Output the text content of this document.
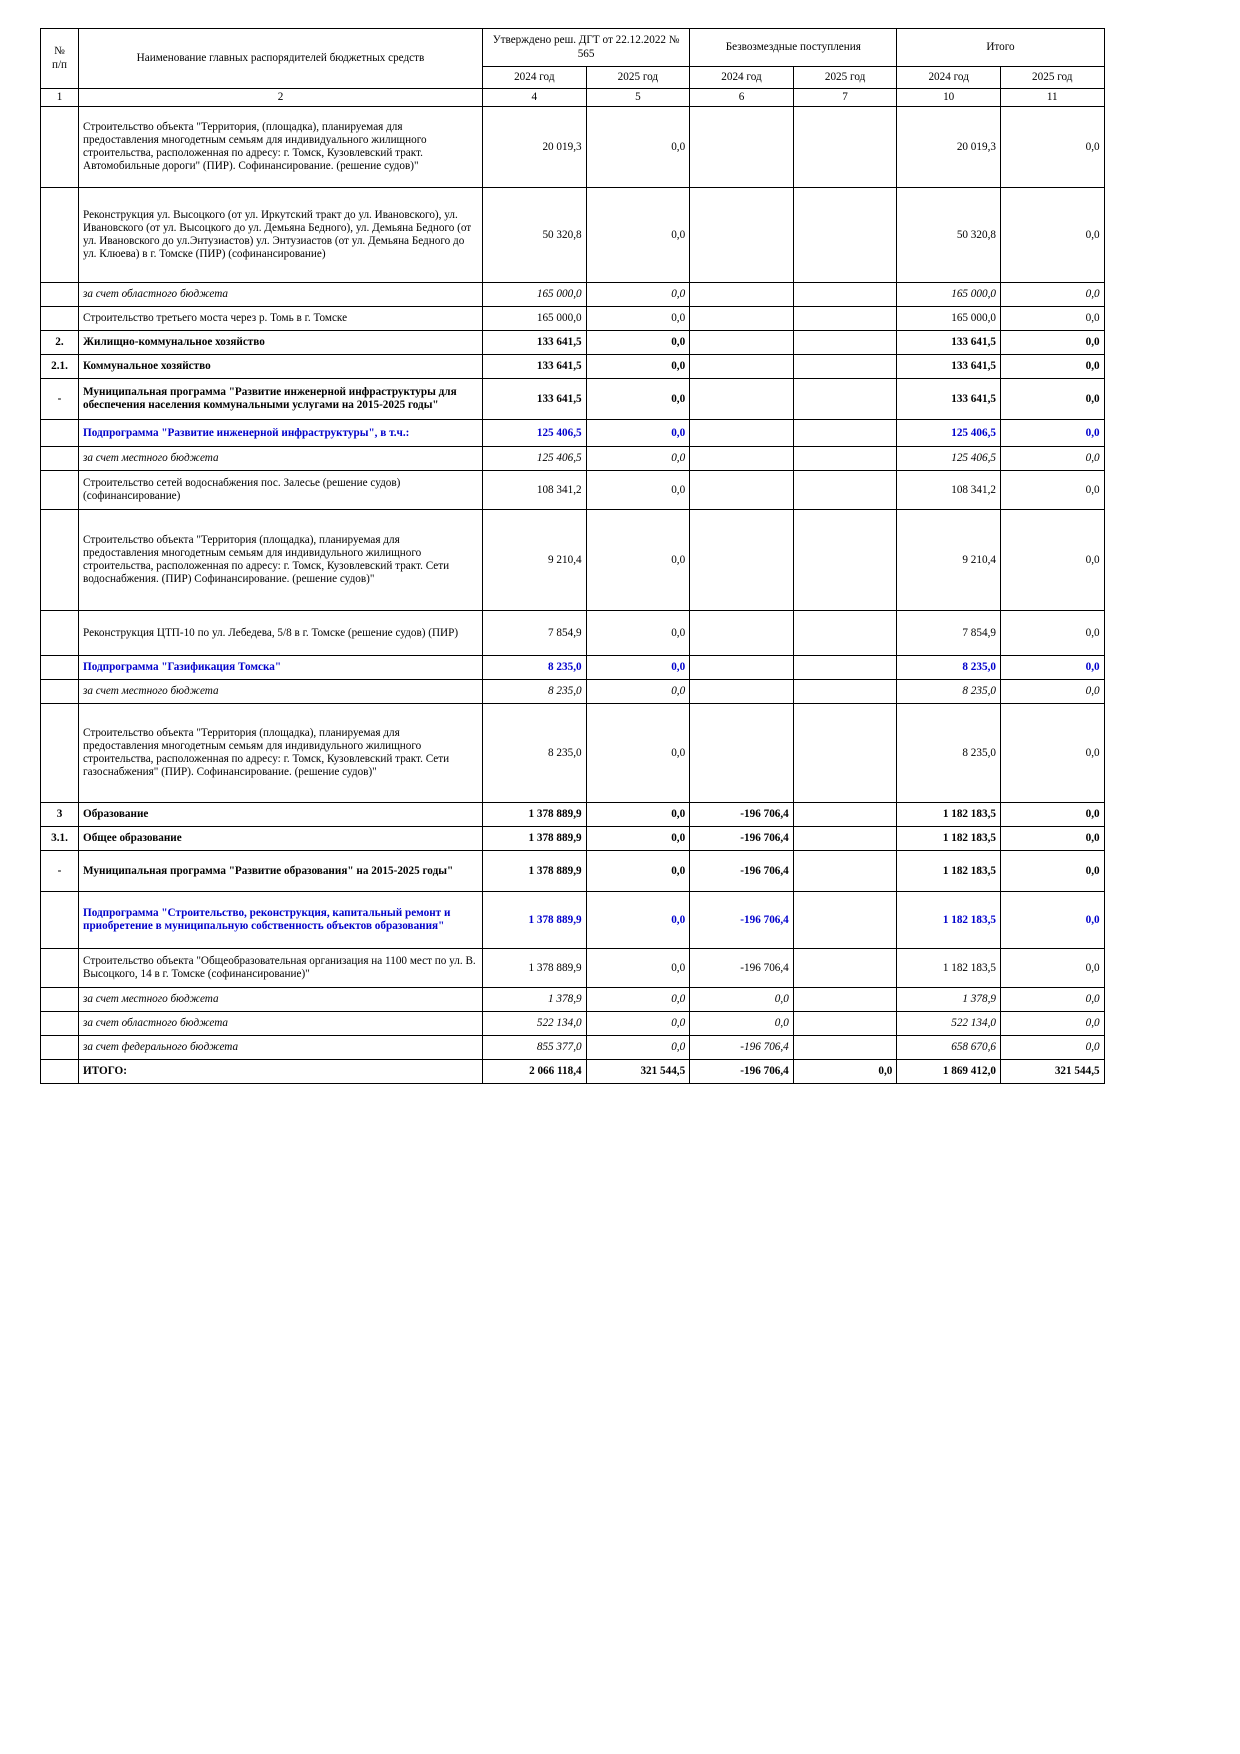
№
п/п	Наименование главных распорядителей бюджетных средств	Утверждено реш. ДГТ от 22.12.2022 № 565		Безвозмездные поступления		Итого	
		2024 год	2025 год	2024 год	2025 год	2024 год	2025 год
1	2	4	5	6	7	10	11
	Строительство объекта "Территория, (площадка), планируемая для предоставления многодетным семьям для индивидуального жилищного строительства, расположенная по адресу: г. Томск, Кузовлевский тракт. Автомобильные дороги" (ПИР). Софинансирование. (решение судов)"	20 019,3	0,0			20 019,3	0,0
	Реконструкция ул. Высоцкого (от ул. Иркутский тракт до ул. Ивановского), ул. Ивановского (от ул. Высоцкого до ул. Демьяна Бедного), ул. Демьяна Бедного (от ул. Ивановского до ул.Энтузиастов) ул. Энтузиастов (от ул. Демьяна Бедного до ул. Клюева) в г. Томске (ПИР) (софинансирование)	50 320,8	0,0			50 320,8	0,0
	за счет областного бюджета	165 000,0	0,0			165 000,0	0,0
	Строительство третьего моста через р. Томь в г. Томске	165 000,0	0,0			165 000,0	0,0
2.	Жилищно-коммунальное хозяйство	133 641,5	0,0			133 641,5	0,0
2.1.	Коммунальное хозяйство	133 641,5	0,0			133 641,5	0,0
-	Муниципальная программа "Развитие инженерной инфраструктуры для обеспечения населения коммунальными услугами на 2015-2025 годы"	133 641,5	0,0			133 641,5	0,0
	Подпрограмма "Развитие инженерной инфраструктуры", в т.ч.:	125 406,5	0,0			125 406,5	0,0
	за счет местного бюджета	125 406,5	0,0			125 406,5	0,0
	Строительство сетей водоснабжения пос. Залесье (решение судов) (софинансирование)	108 341,2	0,0			108 341,2	0,0
	Строительство объекта "Территория (площадка), планируемая для предоставления многодетным семьям для индивидульного жилищного строительства, расположенная по адресу: г. Томск, Кузовлевский тракт. Сети водоснабжения. (ПИР) Софинансирование. (решение судов)"	9 210,4	0,0			9 210,4	0,0
	Реконструкция ЦТП-10 по ул. Лебедева, 5/8 в г. Томске (решение судов) (ПИР)	7 854,9	0,0			7 854,9	0,0
	Подпрограмма "Газификация Томска"	8 235,0	0,0			8 235,0	0,0
	за счет местного бюджета	8 235,0	0,0			8 235,0	0,0
	Строительство объекта "Территория (площадка), планируемая для предоставления многодетным семьям для индивидульного жилищного строительства, расположенная по адресу: г. Томск, Кузовлевский тракт. Сети газоснабжения" (ПИР). Софинансирование. (решение судов)"	8 235,0	0,0			8 235,0	0,0
3	Образование	1 378 889,9	0,0	-196 706,4		1 182 183,5	0,0
3.1.	Общее образование	1 378 889,9	0,0	-196 706,4		1 182 183,5	0,0
-	Муниципальная программа "Развитие образования" на 2015-2025 годы"	1 378 889,9	0,0	-196 706,4		1 182 183,5	0,0
	Подпрограмма "Строительство, реконструкция, капитальный ремонт и приобретение в муниципальную собственность объектов образования"	1 378 889,9	0,0	-196 706,4		1 182 183,5	0,0
	Строительство объекта "Общеобразовательная организация на 1100 мест по ул. В. Высоцкого, 14 в г. Томске (софинансирование)"	1 378 889,9	0,0	-196 706,4		1 182 183,5	0,0
	за счет местного бюджета	1 378,9	0,0	0,0		1 378,9	0,0
	за счет областного бюджета	522 134,0	0,0	0,0		522 134,0	0,0
	за счет федерального бюджета	855 377,0	0,0	-196 706,4		658 670,6	0,0
	ИТОГО:	2 066 118,4	321 544,5	-196 706,4	0,0	1 869 412,0	321 544,5
